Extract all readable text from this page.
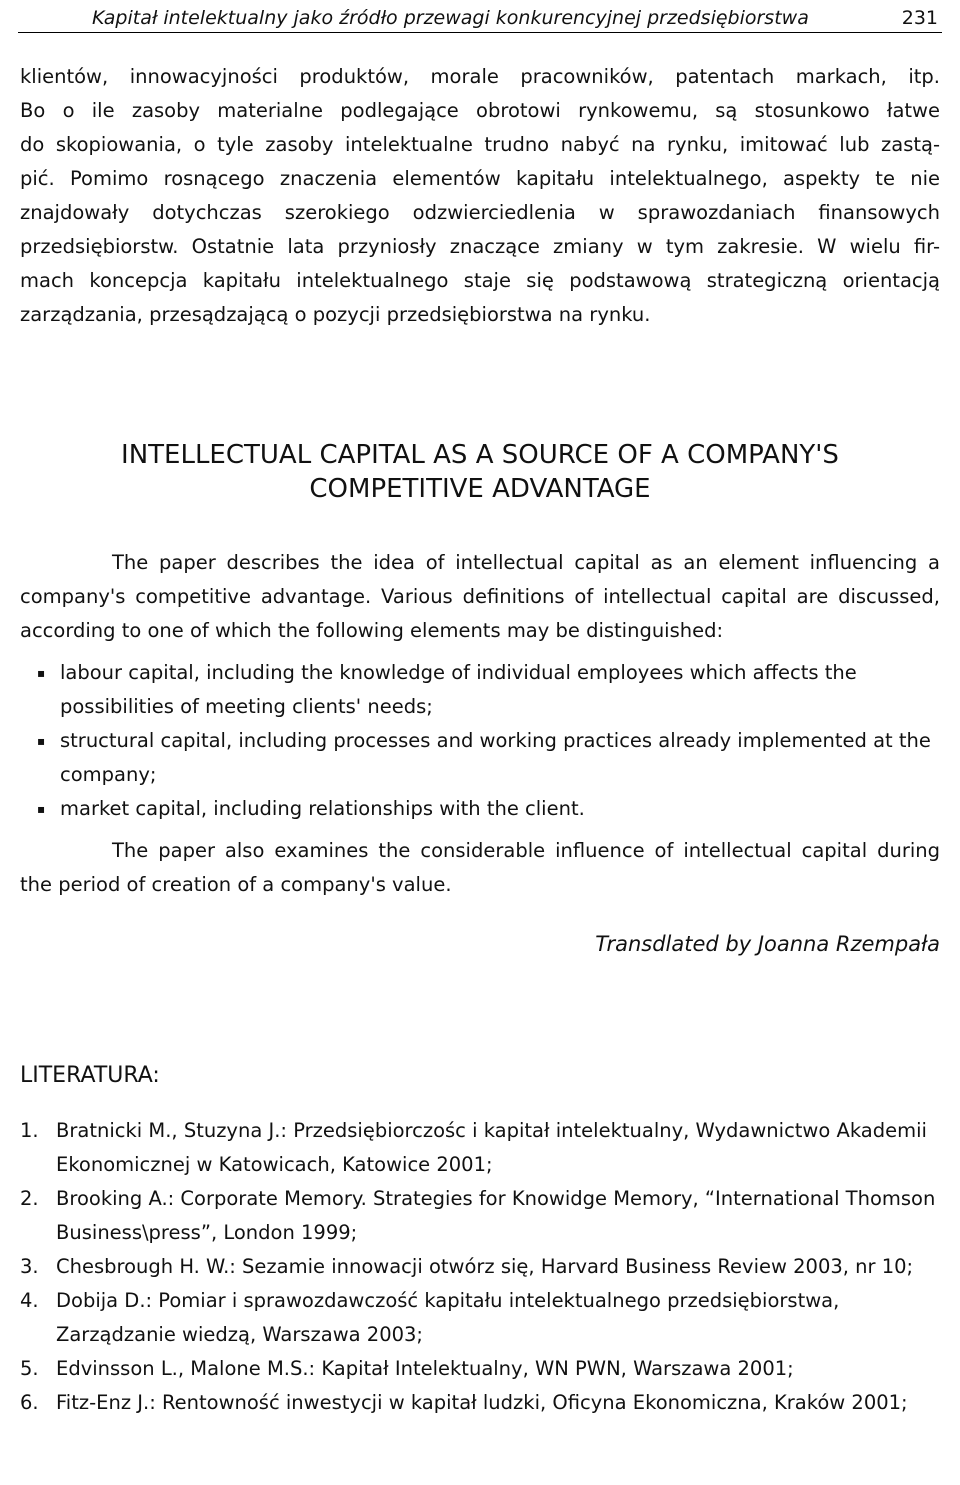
Kapitał intelektualny jako źródło przewagi konkurencyjnej przedsiębiorstwa	231
klientów, innowacyjności produktów, morale pracowników, patentach markach, itp.
Bo o ile zasoby materialne podlegające obrotowi rynkowemu, są stosunkowo łatwe
do skopiowania, o tyle zasoby intelektualne trudno nabyć na rynku, imitować lub zastą-
pić. Pomimo rosnącego znaczenia elementów kapitału intelektualnego, aspekty te nie
znajdowały dotychczas szerokiego odzwierciedlenia w sprawozdaniach finansowych
przedsiębiorstw. Ostatnie lata przyniosły znaczące zmiany w tym zakresie. W wielu fir-
mach koncepcja kapitału intelektualnego staje się podstawową strategiczną orientacją
zarządzania, przesądzającą o pozycji przedsiębiorstwa na rynku.
INTELLECTUAL CAPITAL AS A SOURCE OF A COMPANY'S
COMPETITIVE ADVANTAGE

The paper describes the idea of intellectual capital as an element influencing a company's competitive advantage. Various definitions of intellectual capital are discussed, according to one of which the following elements may be distinguished:

▪ labour capital, including the knowledge of individual employees which affects the possibilities of meeting clients' needs;
▪ structural capital, including processes and working practices already implemented at the company;
▪ market capital, including relationships with the client.

The paper also examines the considerable influence of intellectual capital during the period of creation of a company's value.

Transdlated by Joanna Rzempała
LITERATURA:
1. Bratnicki M., Stuzyna J.: Przedsiębiorczośc i kapitał intelektualny, Wydawnictwo Akademii Ekonomicznej w Katowicach, Katowice 2001;
2. Brooking A.: Corporate Memory. Strategies for Knowidge Memory, “International Thomson Business\press”, London 1999;
3. Chesbrough H. W.: Sezamie innowacji otwórz się, Harvard Business Review 2003, nr 10;
4. Dobija D.: Pomiar i sprawozdawczość kapitału intelektualnego przedsiębiorstwa, Zarządzanie wiedzą, Warszawa 2003;
5. Edvinsson L., Malone M.S.: Kapitał Intelektualny, WN PWN, Warszawa 2001;
6. Fitz-Enz J.: Rentowność inwestycji w kapitał ludzki, Oficyna Ekonomiczna, Kraków 2001;
